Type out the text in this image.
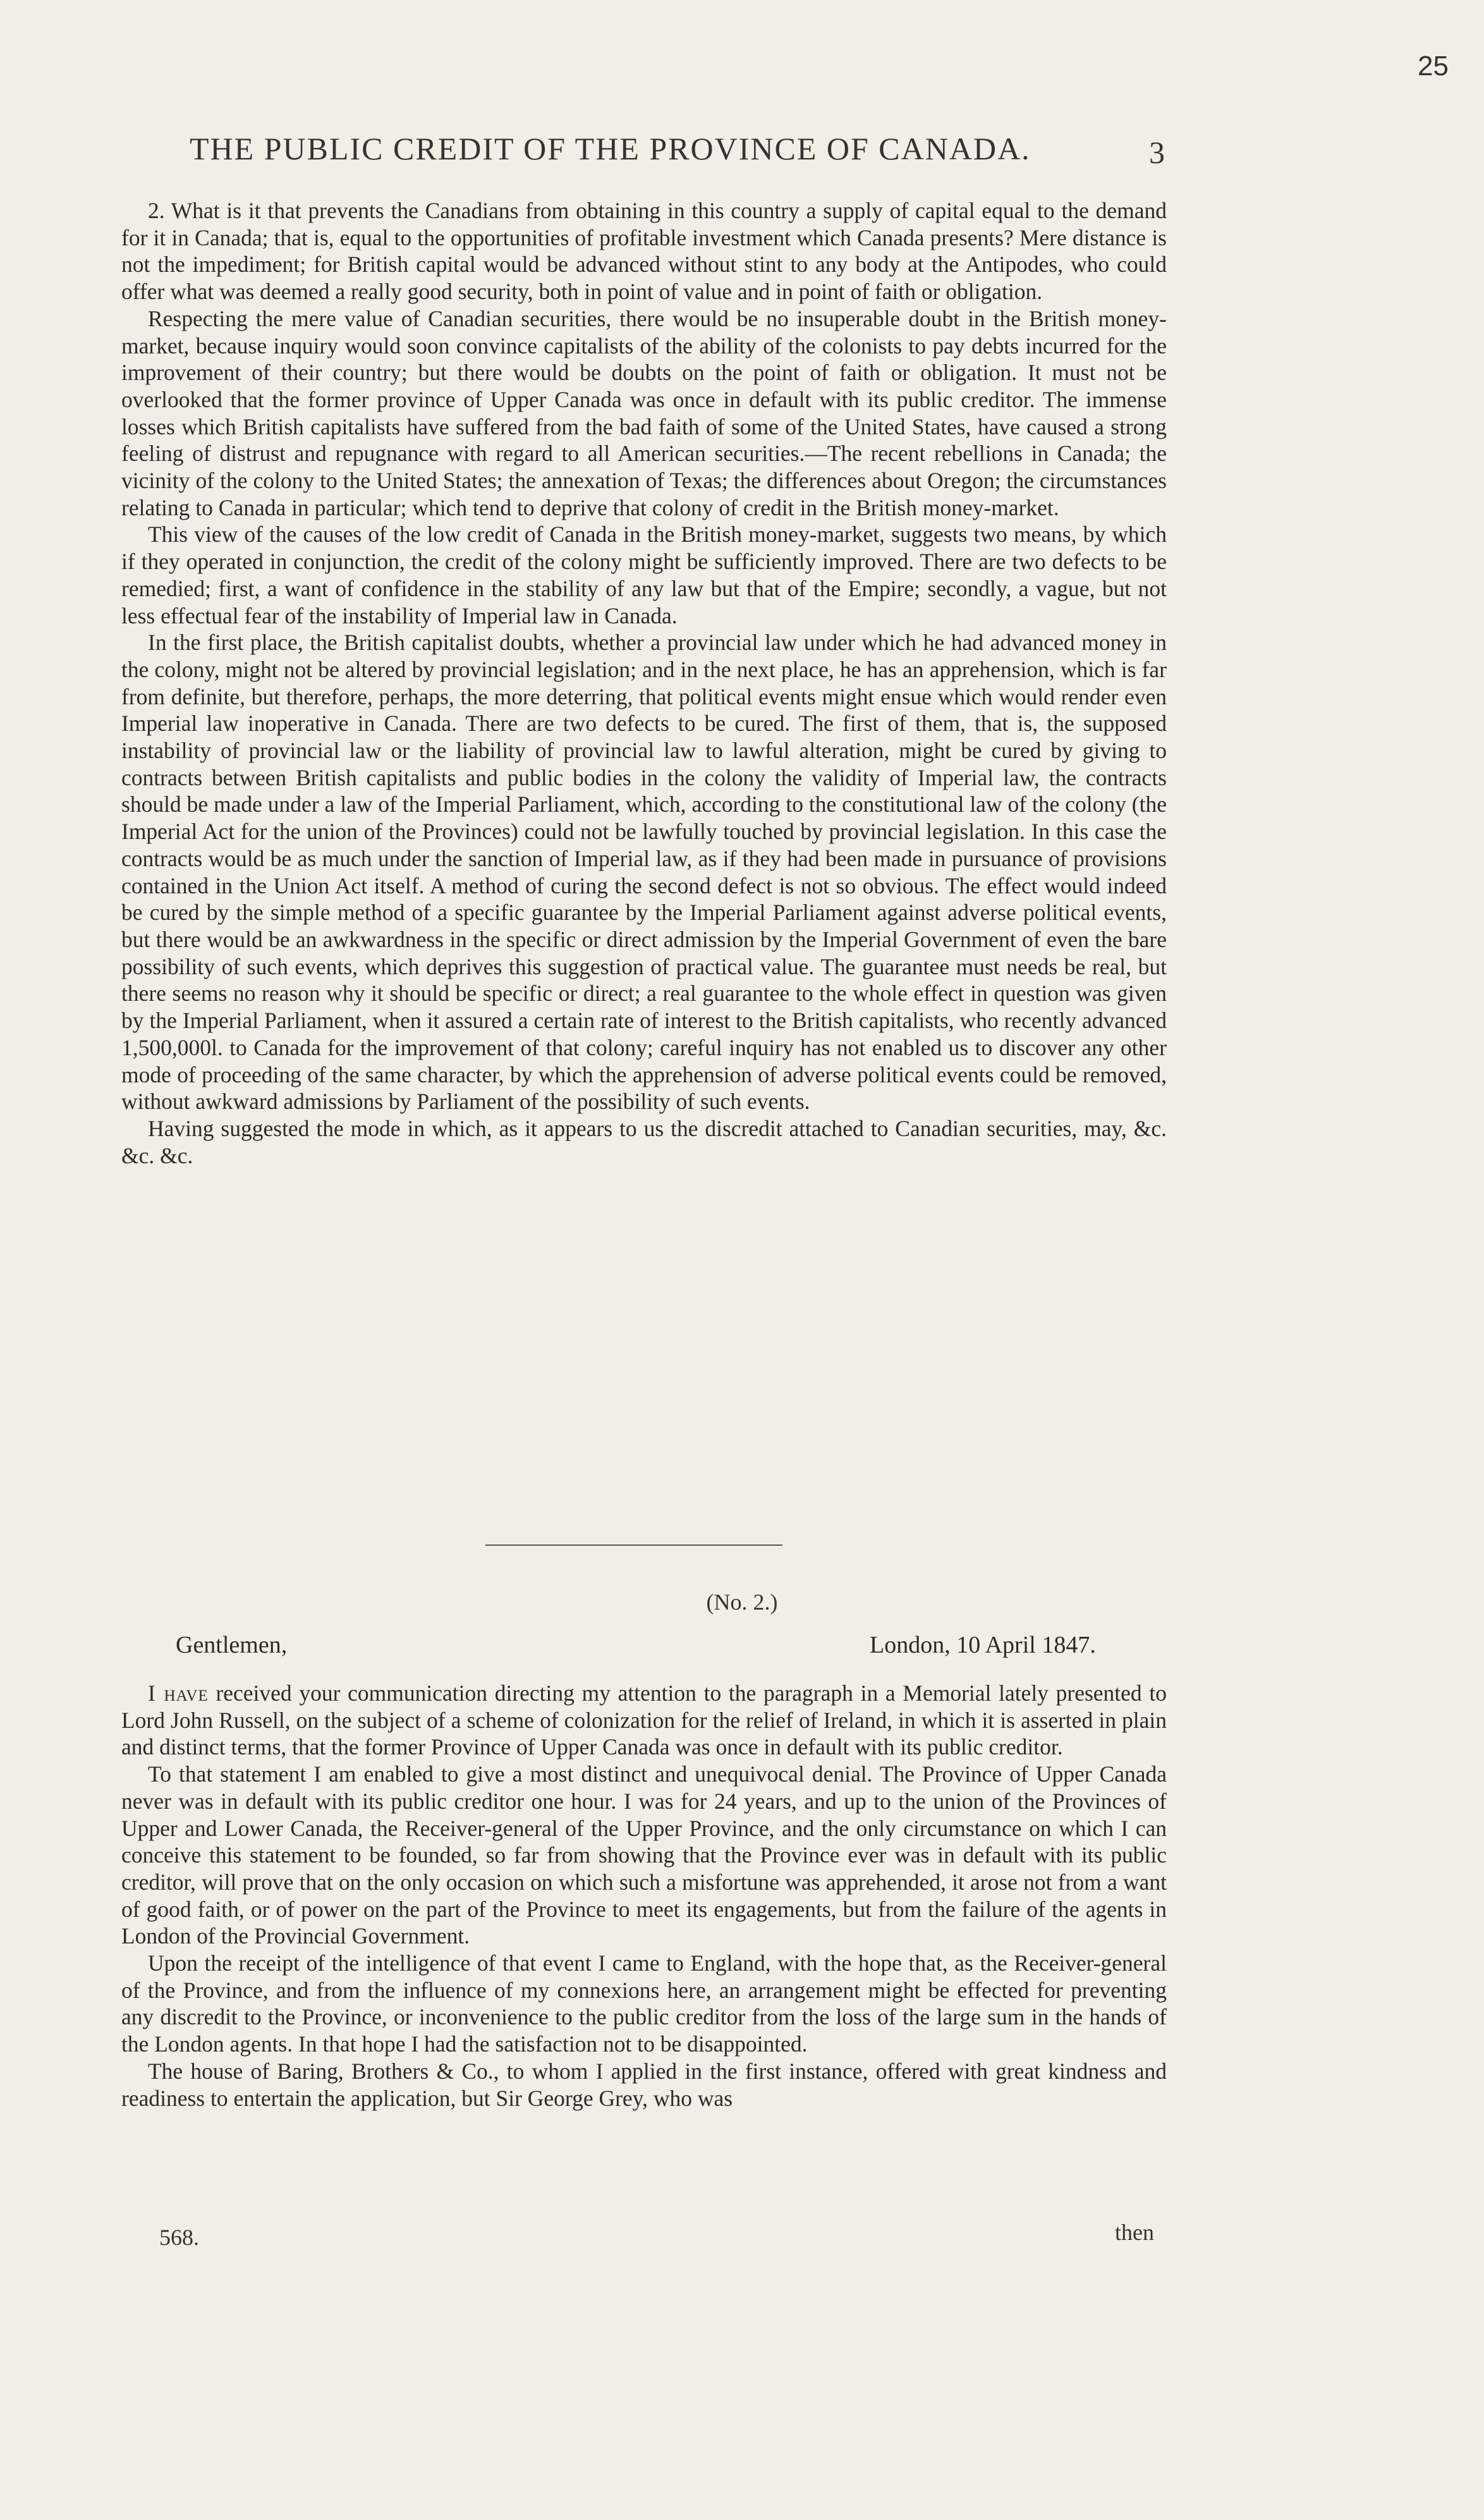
25
THE PUBLIC CREDIT OF THE PROVINCE OF CANADA.	3

2. What is it that prevents the Canadians from obtaining in this country a supply of capital equal to the demand for it in Canada; that is, equal to the opportunities of profitable investment which Canada presents? Mere distance is not the impediment; for British capital would be advanced without stint to any body at the Antipodes, who could offer what was deemed a really good security, both in point of value and in point of faith or obligation.

Respecting the mere value of Canadian securities, there would be no insuperable doubt in the British money-market, because inquiry would soon convince capitalists of the ability of the colonists to pay debts incurred for the improvement of their country; but there would be doubts on the point of faith or obligation. It must not be overlooked that the former province of Upper Canada was once in default with its public creditor. The immense losses which British capitalists have suffered from the bad faith of some of the United States, have caused a strong feeling of distrust and repugnance with regard to all American securities.—The recent rebellions in Canada; the vicinity of the colony to the United States; the annexation of Texas; the differences about Oregon; the circumstances relating to Canada in particular; which tend to deprive that colony of credit in the British money-market.

This view of the causes of the low credit of Canada in the British money-market, suggests two means, by which if they operated in conjunction, the credit of the colony might be sufficiently improved. There are two defects to be remedied; first, a want of confidence in the stability of any law but that of the Empire; secondly, a vague, but not less effectual fear of the instability of Imperial law in Canada.

In the first place, the British capitalist doubts, whether a provincial law under which he had advanced money in the colony, might not be altered by provincial legislation; and in the next place, he has an apprehension, which is far from definite, but therefore, perhaps, the more deterring, that political events might ensue which would render even Imperial law inoperative in Canada. There are two defects to be cured. The first of them, that is, the supposed instability of provincial law or the liability of provincial law to lawful alteration, might be cured by giving to contracts between British capitalists and public bodies in the colony the validity of Imperial law, the contracts should be made under a law of the Imperial Parliament, which, according to the constitutional law of the colony (the Imperial Act for the union of the Provinces) could not be lawfully touched by provincial legislation. In this case the contracts would be as much under the sanction of Imperial law, as if they had been made in pursuance of provisions contained in the Union Act itself. A method of curing the second defect is not so obvious. The effect would indeed be cured by the simple method of a specific guarantee by the Imperial Parliament against adverse political events, but there would be an awkwardness in the specific or direct admission by the Imperial Government of even the bare possibility of such events, which deprives this suggestion of practical value. The guarantee must needs be real, but there seems no reason why it should be specific or direct; a real guarantee to the whole effect in question was given by the Imperial Parliament, when it assured a certain rate of interest to the British capitalists, who recently advanced 1,500,000l. to Canada for the improvement of that colony; careful inquiry has not enabled us to discover any other mode of proceeding of the same character, by which the apprehension of adverse political events could be removed, without awkward admissions by Parliament of the possibility of such events.

Having suggested the mode in which, as it appears to us the discredit attached to Canadian securities, may, &c. &c. &c.

(No. 2.)
Gentlemen,	London, 10 April 1847.

I have received your communication directing my attention to the paragraph in a Memorial lately presented to Lord John Russell, on the subject of a scheme of colonization for the relief of Ireland, in which it is asserted in plain and distinct terms, that the former Province of Upper Canada was once in default with its public creditor.

To that statement I am enabled to give a most distinct and unequivocal denial. The Province of Upper Canada never was in default with its public creditor one hour. I was for 24 years, and up to the union of the Provinces of Upper and Lower Canada, the Receiver-general of the Upper Province, and the only circumstance on which I can conceive this statement to be founded, so far from showing that the Province ever was in default with its public creditor, will prove that on the only occasion on which such a misfortune was apprehended, it arose not from a want of good faith, or of power on the part of the Province to meet its engagements, but from the failure of the agents in London of the Provincial Government.

Upon the receipt of the intelligence of that event I came to England, with the hope that, as the Receiver-general of the Province, and from the influence of my connexions here, an arrangement might be effected for preventing any discredit to the Province, or inconvenience to the public creditor from the loss of the large sum in the hands of the London agents. In that hope I had the satisfaction not to be disappointed.

The house of Baring, Brothers & Co., to whom I applied in the first instance, offered with great kindness and readiness to entertain the application, but Sir George Grey, who was

568.	then
